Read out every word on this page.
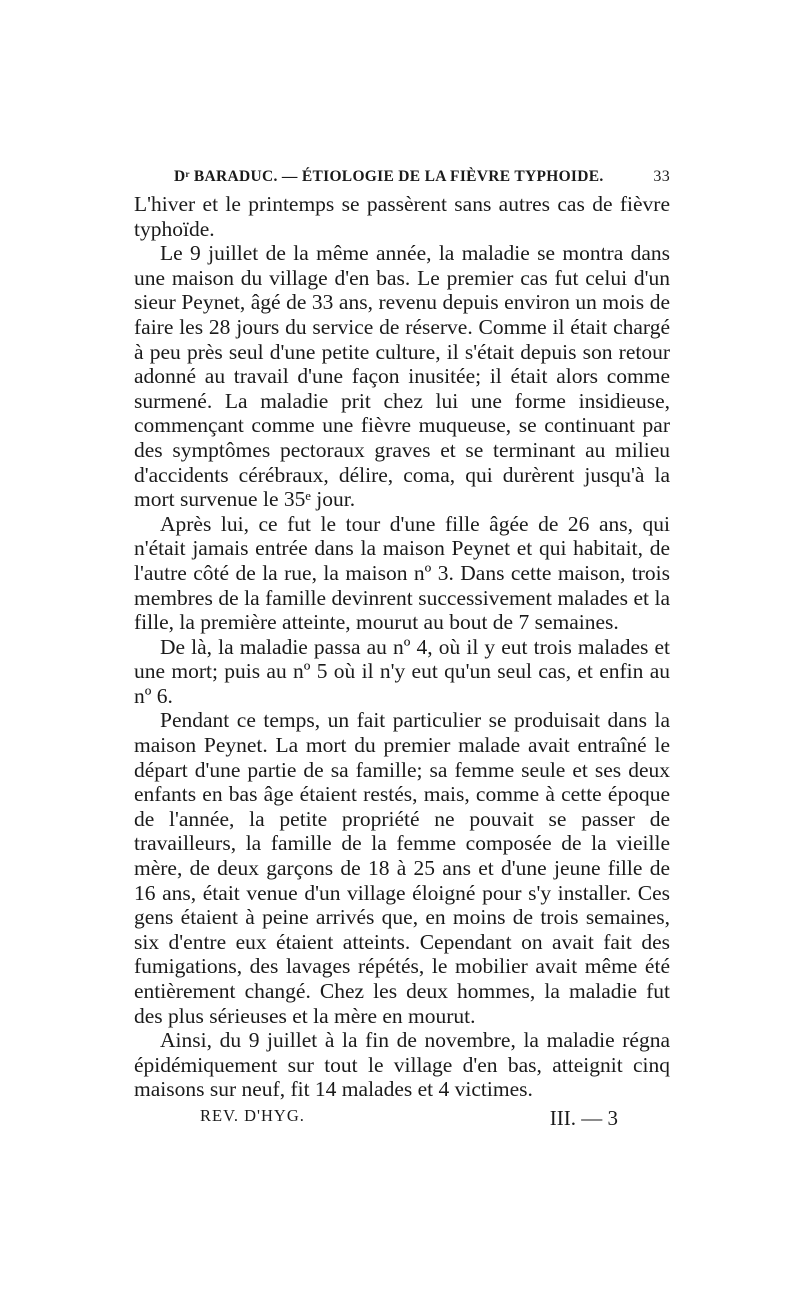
Dʳ BARADUC. — ÉTIOLOGIE DE LA FIÈVRE TYPHOIDE.	33

L'hiver et le printemps se passèrent sans autres cas de fièvre typhoïde.

Le 9 juillet de la même année, la maladie se montra dans une maison du village d'en bas. Le premier cas fut celui d'un sieur Peynet, âgé de 33 ans, revenu depuis environ un mois de faire les 28 jours du service de réserve. Comme il était chargé à peu près seul d'une petite culture, il s'était depuis son retour adonné au travail d'une façon inusitée; il était alors comme surmené. La maladie prit chez lui une forme insidieuse, commençant comme une fièvre muqueuse, se continuant par des symptômes pectoraux graves et se terminant au milieu d'accidents cérébraux, délire, coma, qui durèrent jusqu'à la mort survenue le 35ᵉ jour.

Après lui, ce fut le tour d'une fille âgée de 26 ans, qui n'était jamais entrée dans la maison Peynet et qui habitait, de l'autre côté de la rue, la maison nº 3. Dans cette maison, trois membres de la famille devinrent successivement malades et la fille, la première atteinte, mourut au bout de 7 semaines.

De là, la maladie passa au nº 4, où il y eut trois malades et une mort; puis au nº 5 où il n'y eut qu'un seul cas, et enfin au nº 6.

Pendant ce temps, un fait particulier se produisait dans la maison Peynet. La mort du premier malade avait entraîné le départ d'une partie de sa famille; sa femme seule et ses deux enfants en bas âge étaient restés, mais, comme à cette époque de l'année, la petite propriété ne pouvait se passer de travailleurs, la famille de la femme composée de la vieille mère, de deux garçons de 18 à 25 ans et d'une jeune fille de 16 ans, était venue d'un village éloigné pour s'y installer. Ces gens étaient à peine arrivés que, en moins de trois semaines, six d'entre eux étaient atteints. Cependant on avait fait des fumigations, des lavages répétés, le mobilier avait même été entièrement changé. Chez les deux hommes, la maladie fut des plus sérieuses et la mère en mourut.

Ainsi, du 9 juillet à la fin de novembre, la maladie régna épidémiquement sur tout le village d'en bas, atteignit cinq maisons sur neuf, fit 14 malades et 4 victimes.

REV. D'HYG.	III. — 3
